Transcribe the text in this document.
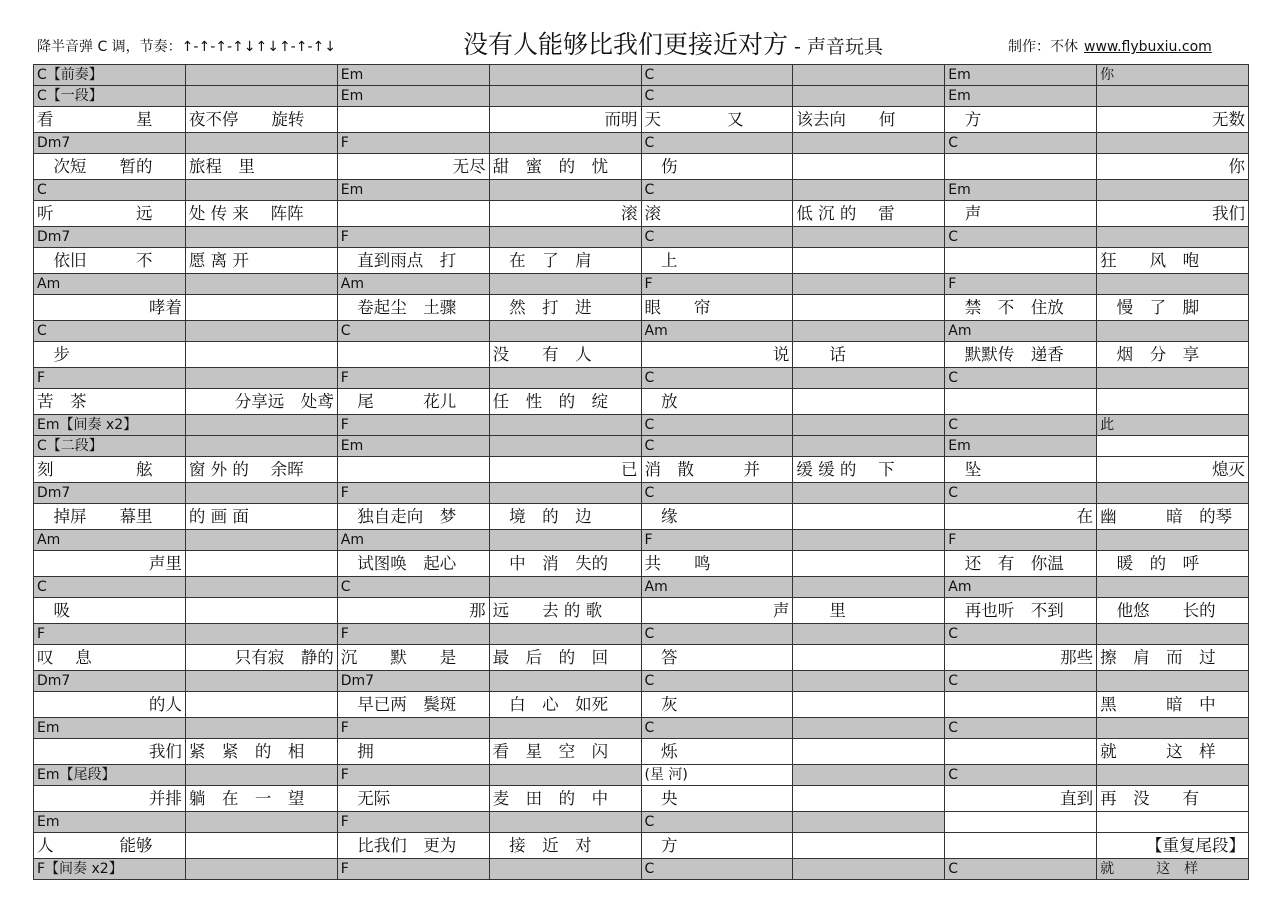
降半音弹 C 调，节奏：↑-↑-↑-↑↓↑↓↑-↑-↑↓	没有人能够比我们更接近对方 - 声音玩具	制作：不休 www.flybuxiu.com
C【前奏】		Em		C		Em	你
C【一段】		Em		C		Em	
看　　　　　星	夜不停　　旋转		而明	天　　　　又	该去向　　何	　方	无数
Dm7		F		C		C	
　次短　　暂的	旅程　里	无尽	甜　蜜　的　忧	　伤			你
C		Em		C		Em	
听　　　　　远	处 传 来　 阵阵		滚	滚	低 沉 的　 雷	　声	我们
Dm7		F		C		C	
　依旧　　　不	愿 离 开	　直到雨点　打	　在　了　肩	　上			狂　　风　咆
Am		Am		F		F	
哮着		　卷起尘　土骤	　然　打　进	眼　　帘		　禁　不　住放	　慢　了　脚
C		C		Am		Am	
　步			没　　有　人	说	　　话	　默默传　递香	　烟　分　享
F		F		C		C	
苦　茶	分享远　处鸢	　尾　　　花儿	任　性　的　绽	　放			
Em【间奏 x2】		F		C		C	此
C【二段】		Em		C		Em	
刻　　　　　舷	窗 外 的　 余晖		已	消　散　　　并	缓 缓 的　 下	　坠	熄灭
Dm7		F		C		C	
　掉屏　　幕里	的 画 面	　独自走向　梦	　境　的　边	　缘		在	幽　　　暗　的琴
Am		Am		F		F	
声里		　试图唤　起心	　中　消　失的	共　　鸣		　还　有　你温	　暖　的　呼
C		C		Am		Am	
　吸		那	远　　去 的 歌	声	　　里	　再也听　不到	　他悠　　长的
F		F		C		C	
叹　 息	只有寂　静的	沉　　默　　是	最　后　的　回	　答		那些	擦　肩　而　过
Dm7		Dm7		C		C	
的人		　早已两　鬓斑	　白　心　如死	　灰			黑　　　暗　中
Em		F		C		C	
我们	紧　紧　的　相	　拥	看　星　空　闪	　烁			就　　　这　样
Em【尾段】		F		(星 河)		C	
并排	躺　在　一　望	　无际	麦　田　的　中	　央		直到	再　没　　有
Em		F		C			
人　　　　能够		　比我们　更为	　接　近　对	　方			【重复尾段】
F【间奏 x2】		F		C		C	就　　　这　样
